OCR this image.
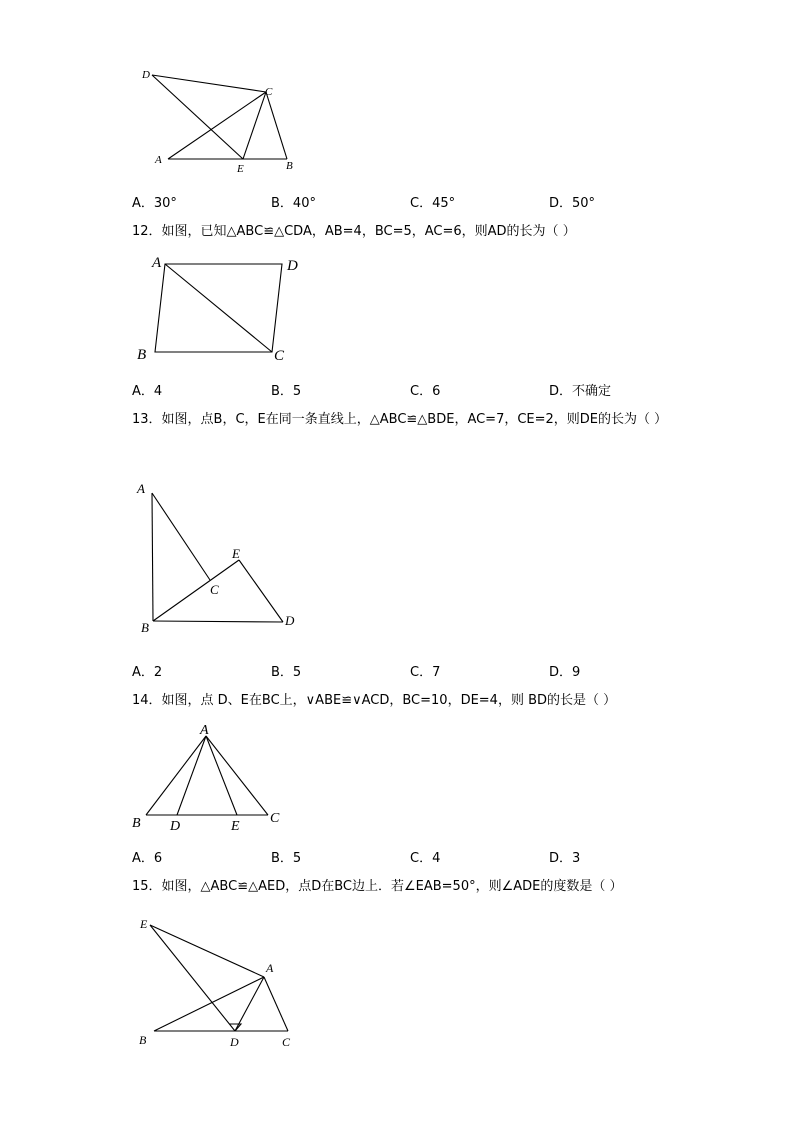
D
C
A
E	B
A．30°	B．40°	C．45°	D．50°
12．如图，已知△ABC≌△CDA，AB=4，BC=5，AC=6，则AD的长为（ ）
A	D
B	C
A．4	B．5	C．6	D．不确定
13．如图，点B，C，E在同一条直线上，△ABC≌△BDE，AC=7，CE=2，则DE的长为（ ）
A
E
C
B	D
A．2	B．5	C．7	D．9
14．如图，点 D、E在BC上，∨ABE≌∨ACD，BC=10，DE=4，则 BD的长是（ ）
A
B D	E
C
A．6	B．5	C．4	D．3
15．如图，△ABC≌△AED，点D在BC边上．若∠EAB=50°，则∠ADE的度数是（ ）
E
A
B	D	C
